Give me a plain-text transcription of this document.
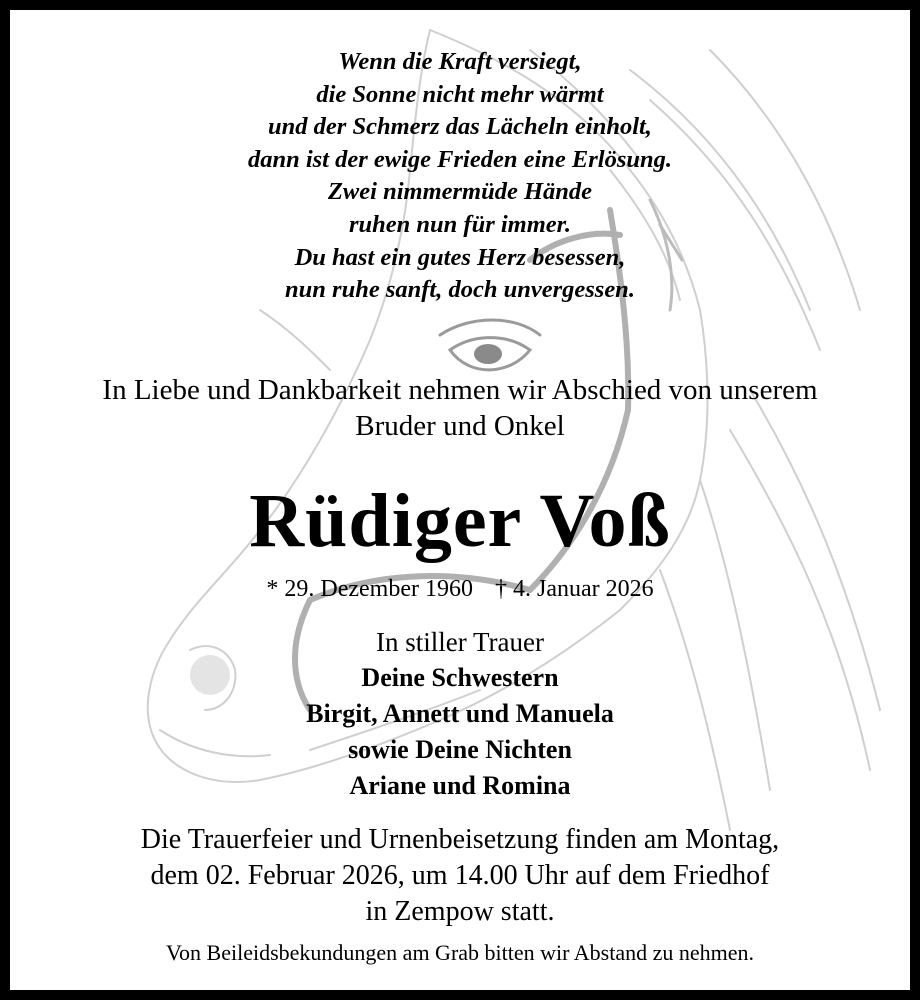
Wenn die Kraft versiegt,
die Sonne nicht mehr wärmt
und der Schmerz das Lächeln einholt,
dann ist der ewige Frieden eine Erlösung.
Zwei nimmermüde Hände
ruhen nun für immer.
Du hast ein gutes Herz besessen,
nun ruhe sanft, doch unvergessen.
In Liebe und Dankbarkeit nehmen wir Abschied von unserem
Bruder und Onkel
Rüdiger Voß
* 29. Dezember 1960 † 4. Januar 2026
In stiller Trauer
Deine Schwestern
Birgit, Annett und Manuela
sowie Deine Nichten
Ariane und Romina
Die Trauerfeier und Urnenbeisetzung finden am Montag,
dem 02. Februar 2026, um 14.00 Uhr auf dem Friedhof
in Zempow statt.
Von Beileidsbekundungen am Grab bitten wir Abstand zu nehmen.
